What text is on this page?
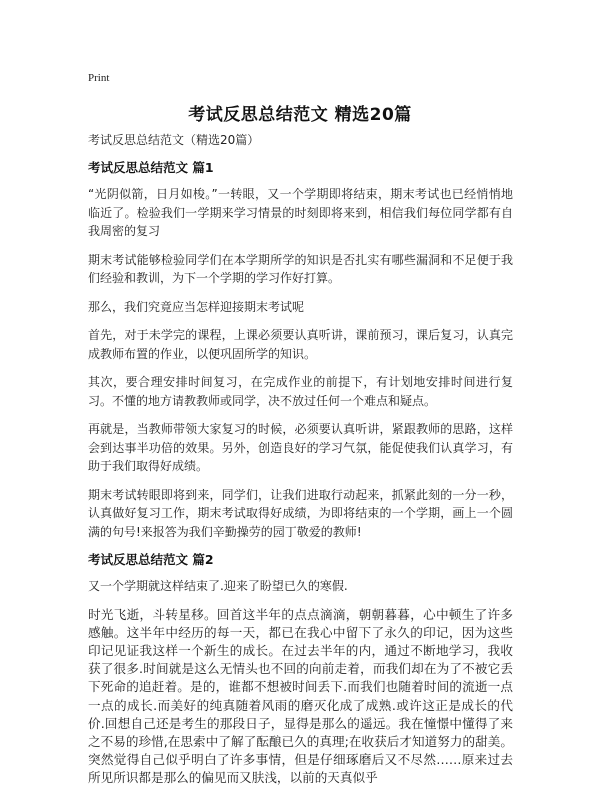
Print
考试反思总结范文 精选20篇

考试反思总结范文（精选20篇）

考试反思总结范文 篇1

“光阴似箭，日月如梭。”一转眼，又一个学期即将结束，期末考试也已经悄悄地临近了。检验我们一学期来学习情景的时刻即将来到，相信我们每位同学都有自我周密的复习

期末考试能够检验同学们在本学期所学的知识是否扎实有哪些漏洞和不足便于我们经验和教训，为下一个学期的学习作好打算。

那么，我们究竟应当怎样迎接期末考试呢

首先，对于未学完的课程，上课必须要认真听讲，课前预习，课后复习，认真完成教师布置的作业，以便巩固所学的知识。

其次，要合理安排时间复习，在完成作业的前提下，有计划地安排时间进行复习。不懂的地方请教教师或同学，决不放过任何一个难点和疑点。

再就是，当教师带领大家复习的时候，必须要认真听讲，紧跟教师的思路，这样会到达事半功倍的效果。另外，创造良好的学习气氛，能促使我们认真学习，有助于我们取得好成绩。

期末考试转眼即将到来，同学们，让我们进取行动起来，抓紧此刻的一分一秒，认真做好复习工作，期末考试取得好成绩，为即将结束的一个学期，画上一个圆满的句号!来报答为我们辛勤操劳的园丁敬爱的教师!

考试反思总结范文 篇2

又一个学期就这样结束了.迎来了盼望已久的寒假.

时光飞逝，斗转星移。回首这半年的点点滴滴，朝朝暮暮，心中顿生了许多感触。这半年中经历的每一天，都已在我心中留下了永久的印记，因为这些印记见证我这样一个新生的成长。在过去半年的内，通过不断地学习，我收获了很多.时间就是这么无情头也不回的向前走着，而我们却在为了不被它丢下死命的追赶着。是的，谁都不想被时间丢下.而我们也随着时间的流逝一点一点的成长.而美好的纯真随着风雨的磨灭化成了成熟.或许这正是成长的代价.回想自己还是考生的那段日子，显得是那么的遥远。我在憧憬中懂得了来之不易的珍惜,在思索中了解了酝酿已久的真理;在收获后才知道努力的甜美。突然觉得自己似乎明白了许多事情，但是仔细琢磨后又不尽然……原来过去所见所识都是那么的偏见而又肤浅，以前的天真似乎
